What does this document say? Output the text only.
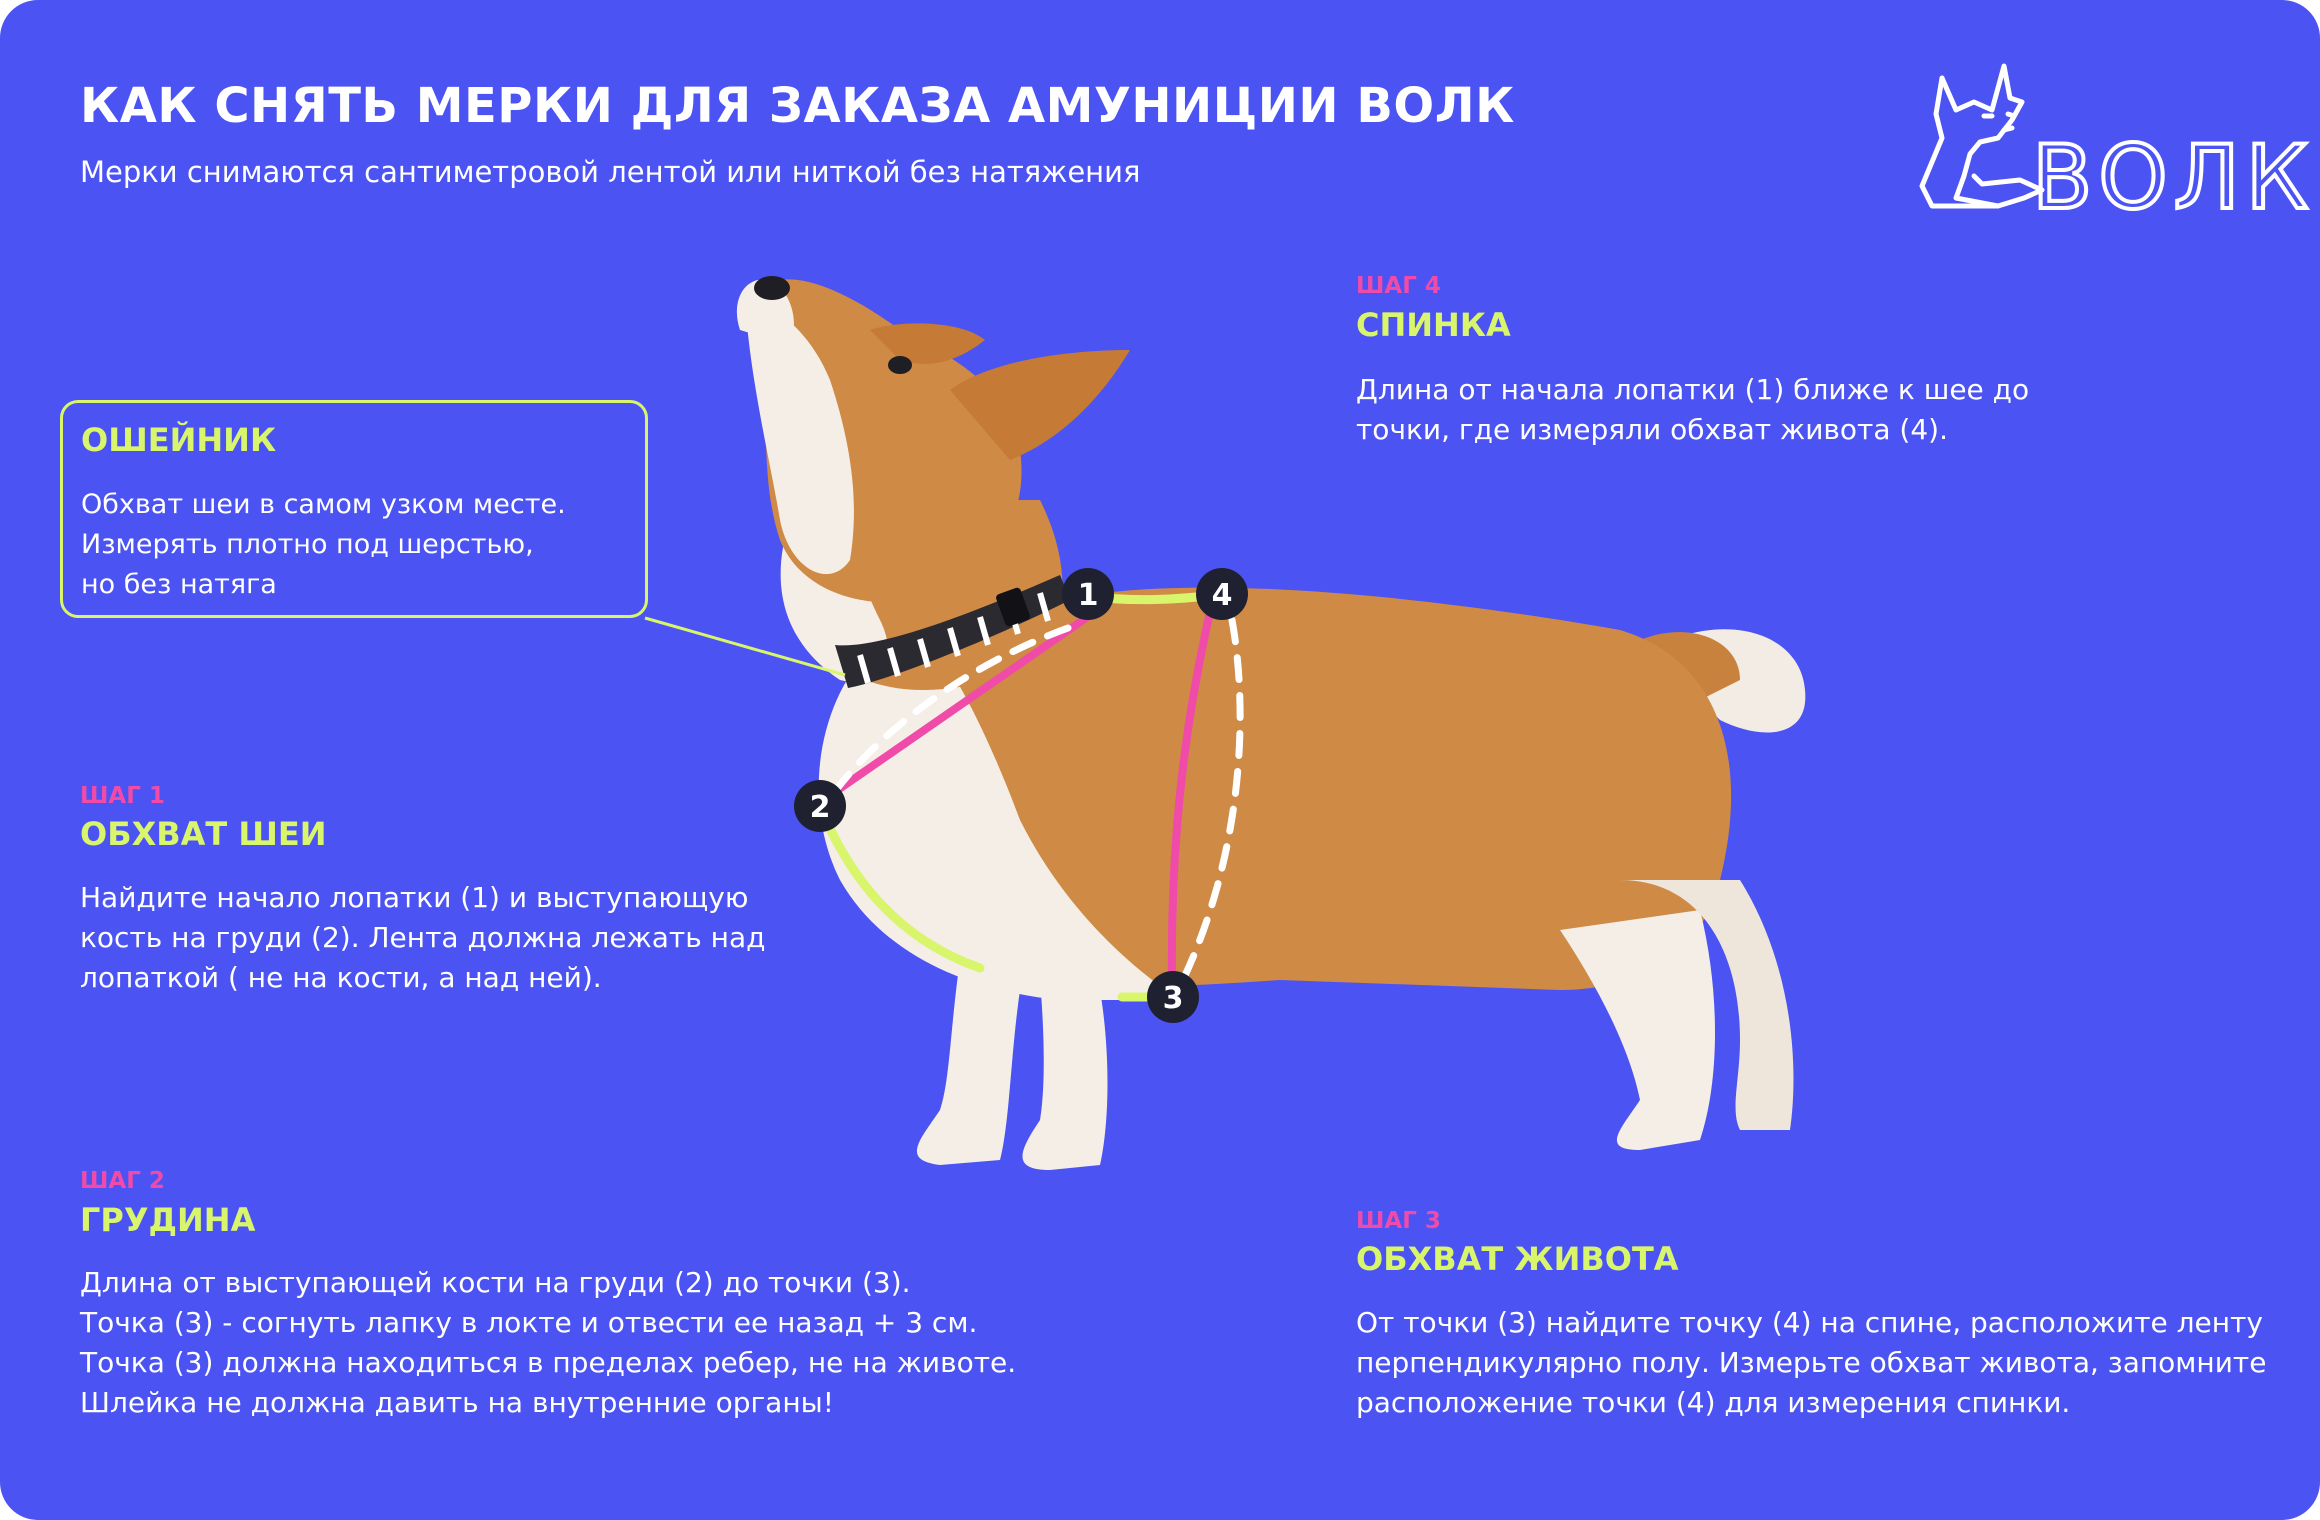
КАК СНЯТЬ МЕРКИ ДЛЯ ЗАКАЗА АМУНИЦИИ ВОЛК
Мерки снимаются сантиметровой лентой или ниткой без натяжения	ВОЛК
ОШЕЙНИК
Обхват шеи в самом узком месте.
Измерять плотно под шерстью,
но без натяга
ШАГ 1
ОБХВАТ ШЕИ
Найдите начало лопатки (1) и выступающую
кость на груди (2). Лента должна лежать над
лопаткой ( не на кости, а над ней).
ШАГ 2
ГРУДИНА
Длина от выступающей кости на груди (2) до точки (3).
Точка (3) - согнуть лапку в локте и отвести ее назад + 3 см.
Точка (3) должна находиться в пределах ребер, не на животе.
Шлейка не должна давить на внутренние органы!
ШАГ 3
ОБХВАТ ЖИВОТА
От точки (3) найдите точку (4) на спине, расположите ленту
перпендикулярно полу. Измерьте обхват живота, запомните
расположение точки (4) для измерения спинки.
ШАГ 4
СПИНКА
Длина от начала лопатки (1) ближе к шее до
точки, где измеряли обхват живота (4).
1
2
3
4
